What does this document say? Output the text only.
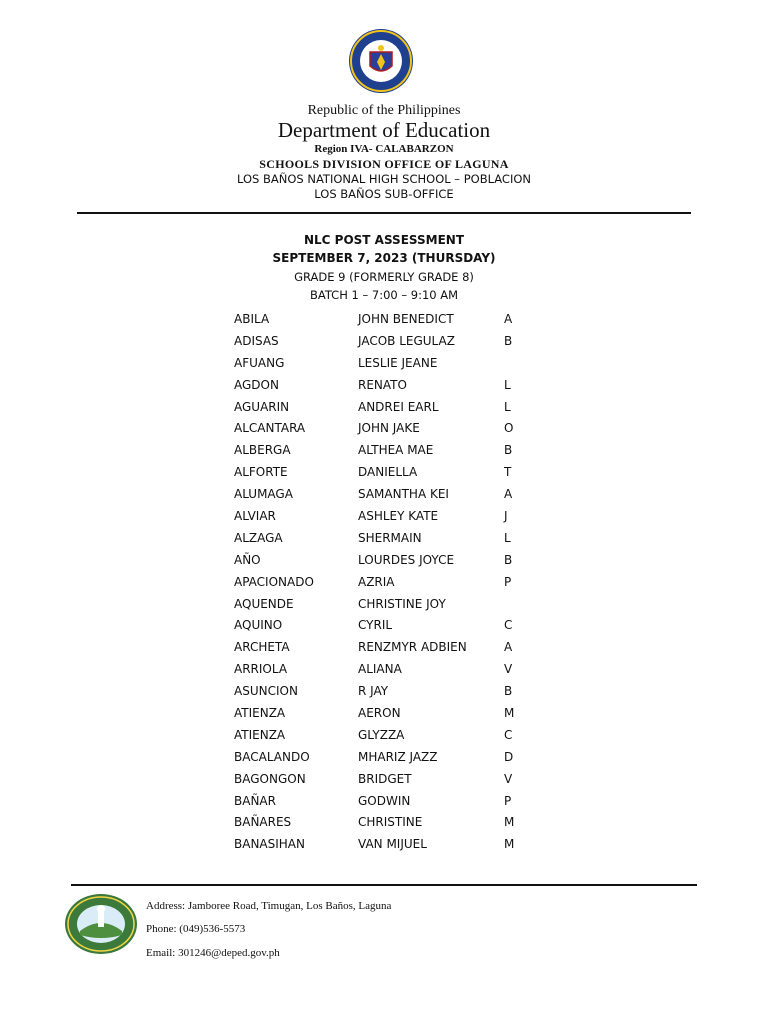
Republic of the Philippines
Department of Education
Region IVA- CALABARZON
SCHOOLS DIVISION OFFICE OF LAGUNA
LOS BAÑOS NATIONAL HIGH SCHOOL – POBLACION
LOS BAÑOS SUB-OFFICE
NLC POST ASSESSMENT
SEPTEMBER 7, 2023 (THURSDAY)
GRADE 9 (FORMERLY GRADE 8)
BATCH 1 – 7:00 – 9:10 AM
ABILA	JOHN BENEDICT	A
ADISAS	JACOB LEGULAZ	B
AFUANG	LESLIE JEANE
AGDON	RENATO	L
AGUARIN	ANDREI EARL	L
ALCANTARA	JOHN JAKE	O
ALBERGA	ALTHEA MAE	B
ALFORTE	DANIELLA	T
ALUMAGA	SAMANTHA KEI	A
ALVIAR	ASHLEY KATE	J
ALZAGA	SHERMAIN	L
AÑO	LOURDES JOYCE	B
APACIONADO	AZRIA	P
AQUENDE	CHRISTINE JOY
AQUINO	CYRIL	C
ARCHETA	RENZMYR ADBIEN	A
ARRIOLA	ALIANA	V
ASUNCION	R JAY	B
ATIENZA	AERON	M
ATIENZA	GLYZZA	C
BACALANDO	MHARIZ JAZZ	D
BAGONGON	BRIDGET	V
BAÑAR	GODWIN	P
BAÑARES	CHRISTINE	M
BANASIHAN	VAN MIJUEL	M
Address: Jamboree Road, Timugan, Los Baños, Laguna
Phone: (049)536-5573
Email: 301246@deped.gov.ph
